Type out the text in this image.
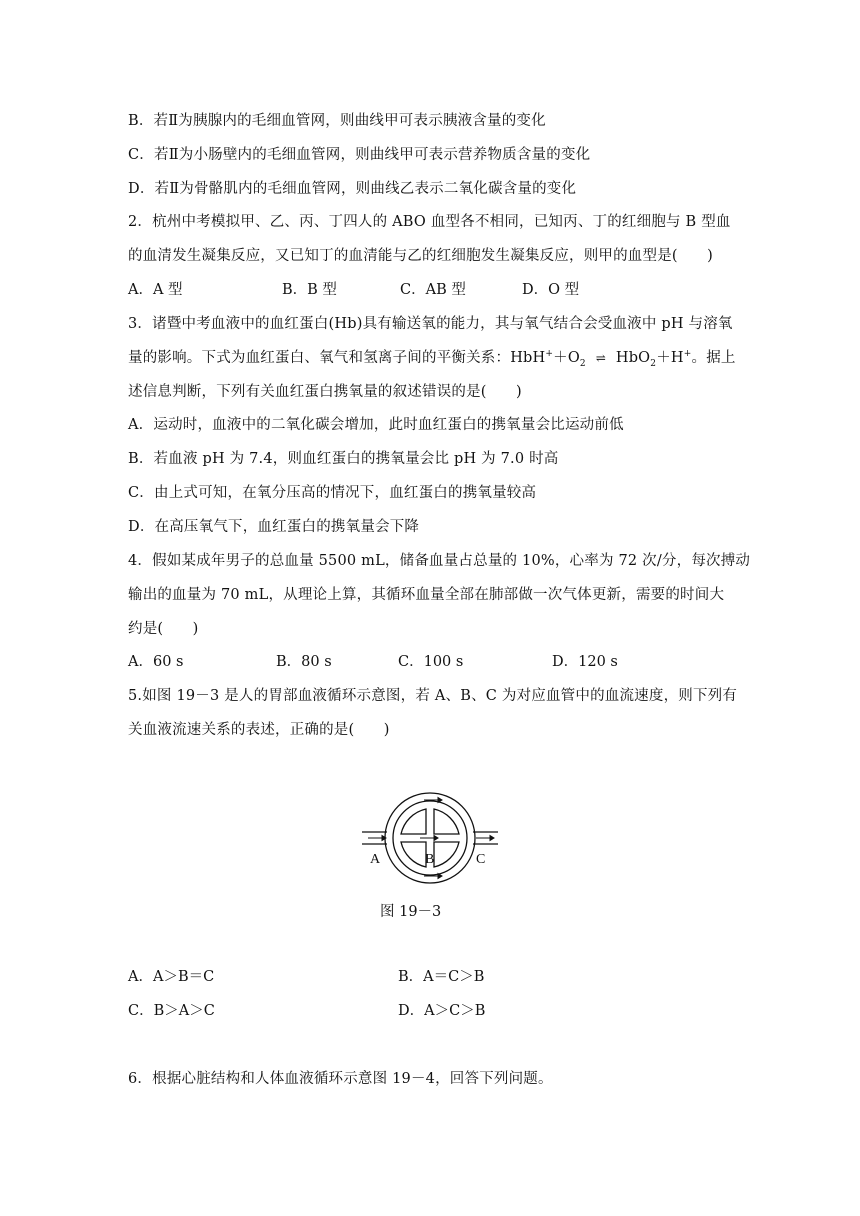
B．若Ⅱ为胰腺内的毛细血管网，则曲线甲可表示胰液含量的变化
C．若Ⅱ为小肠壁内的毛细血管网，则曲线甲可表示营养物质含量的变化
D．若Ⅱ为骨骼肌内的毛细血管网，则曲线乙表示二氧化碳含量的变化
2．杭州中考模拟甲、乙、丙、丁四人的 ABO 血型各不相同，已知丙、丁的红细胞与 B 型血
的血清发生凝集反应，又已知丁的血清能与乙的红细胞发生凝集反应，则甲的血型是(　　)
A．A 型	B．B 型	C．AB 型	D．O 型
3．诸暨中考血液中的血红蛋白(Hb)具有输送氧的能力，其与氧气结合会受血液中 pH 与溶氧
量的影响。下式为血红蛋白、氧气和氢离子间的平衡关系：$HbH^++O_2$ ⇌ HbO$_2$＋H+。据上
述信息判断，下列有关血红蛋白携氧量的叙述错误的是(　　)
A．运动时，血液中的二氧化碳会增加，此时血红蛋白的携氧量会比运动前低
B．若血液 pH 为 7.4，则血红蛋白的携氧量会比 pH 为 7.0 时高
C．由上式可知，在氧分压高的情况下，血红蛋白的携氧量较高
D．在高压氧气下，血红蛋白的携氧量会下降
4．假如某成年男子的总血量 5500 mL，储备血量占总量的 10%，心率为 72 次/分，每次搏动
输出的血量为 70 mL，从理论上算，其循环血量全部在肺部做一次气体更新，需要的时间大
约是(　　)
A．60 s	B．80 s	C．100 s	D．120 s
5.如图 19－3 是人的胃部血液循环示意图，若 A、B、C 为对应血管中的血流速度，则下列有
关血液流速关系的表述，正确的是(　　)
A	B	C
图 19－3
A．A＞B＝C	B．A＝C＞B
C．B＞A＞C	D．A＞C＞B
6．根据心脏结构和人体血液循环示意图 19－4，回答下列问题。
